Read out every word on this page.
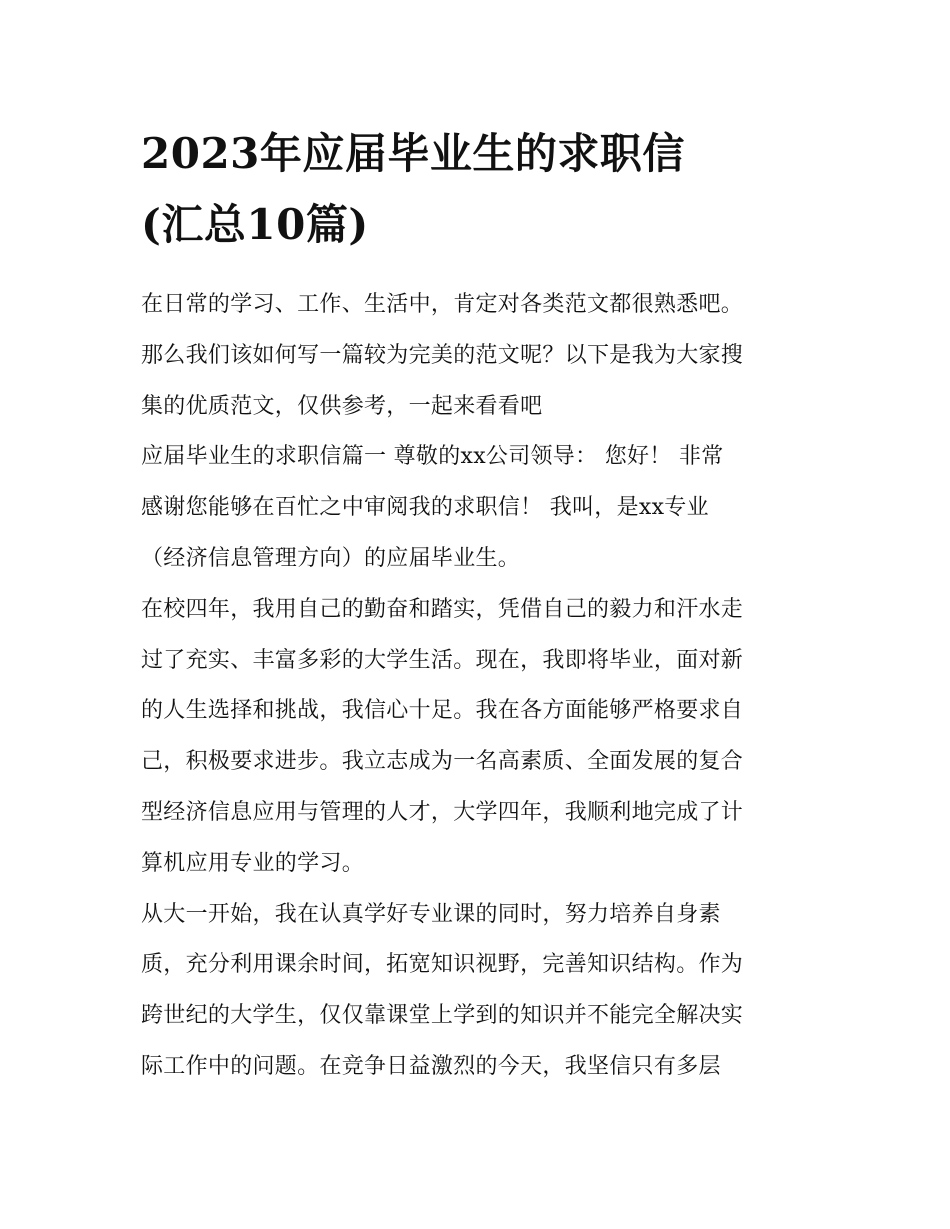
2023年应届毕业生的求职信
(汇总10篇)

在日常的学习、工作、生活中，肯定对各类范文都很熟悉吧。
那么我们该如何写一篇较为完美的范文呢？以下是我为大家搜
集的优质范文，仅供参考，一起来看看吧

应届毕业生的求职信篇一 尊敬的xx公司领导： 您好！ 非常
感谢您能够在百忙之中审阅我的求职信！ 我叫，是xx专业
（经济信息管理方向）的应届毕业生。

在校四年，我用自己的勤奋和踏实，凭借自己的毅力和汗水走
过了充实、丰富多彩的大学生活。现在，我即将毕业，面对新
的人生选择和挑战，我信心十足。我在各方面能够严格要求自
己，积极要求进步。我立志成为一名高素质、全面发展的复合
型经济信息应用与管理的人才，大学四年，我顺利地完成了计
算机应用专业的学习。

从大一开始，我在认真学好专业课的同时，努力培养自身素
质，充分利用课余时间，拓宽知识视野，完善知识结构。作为
跨世纪的大学生，仅仅靠课堂上学到的知识并不能完全解决实
际工作中的问题。在竞争日益激烈的今天，我坚信只有多层
